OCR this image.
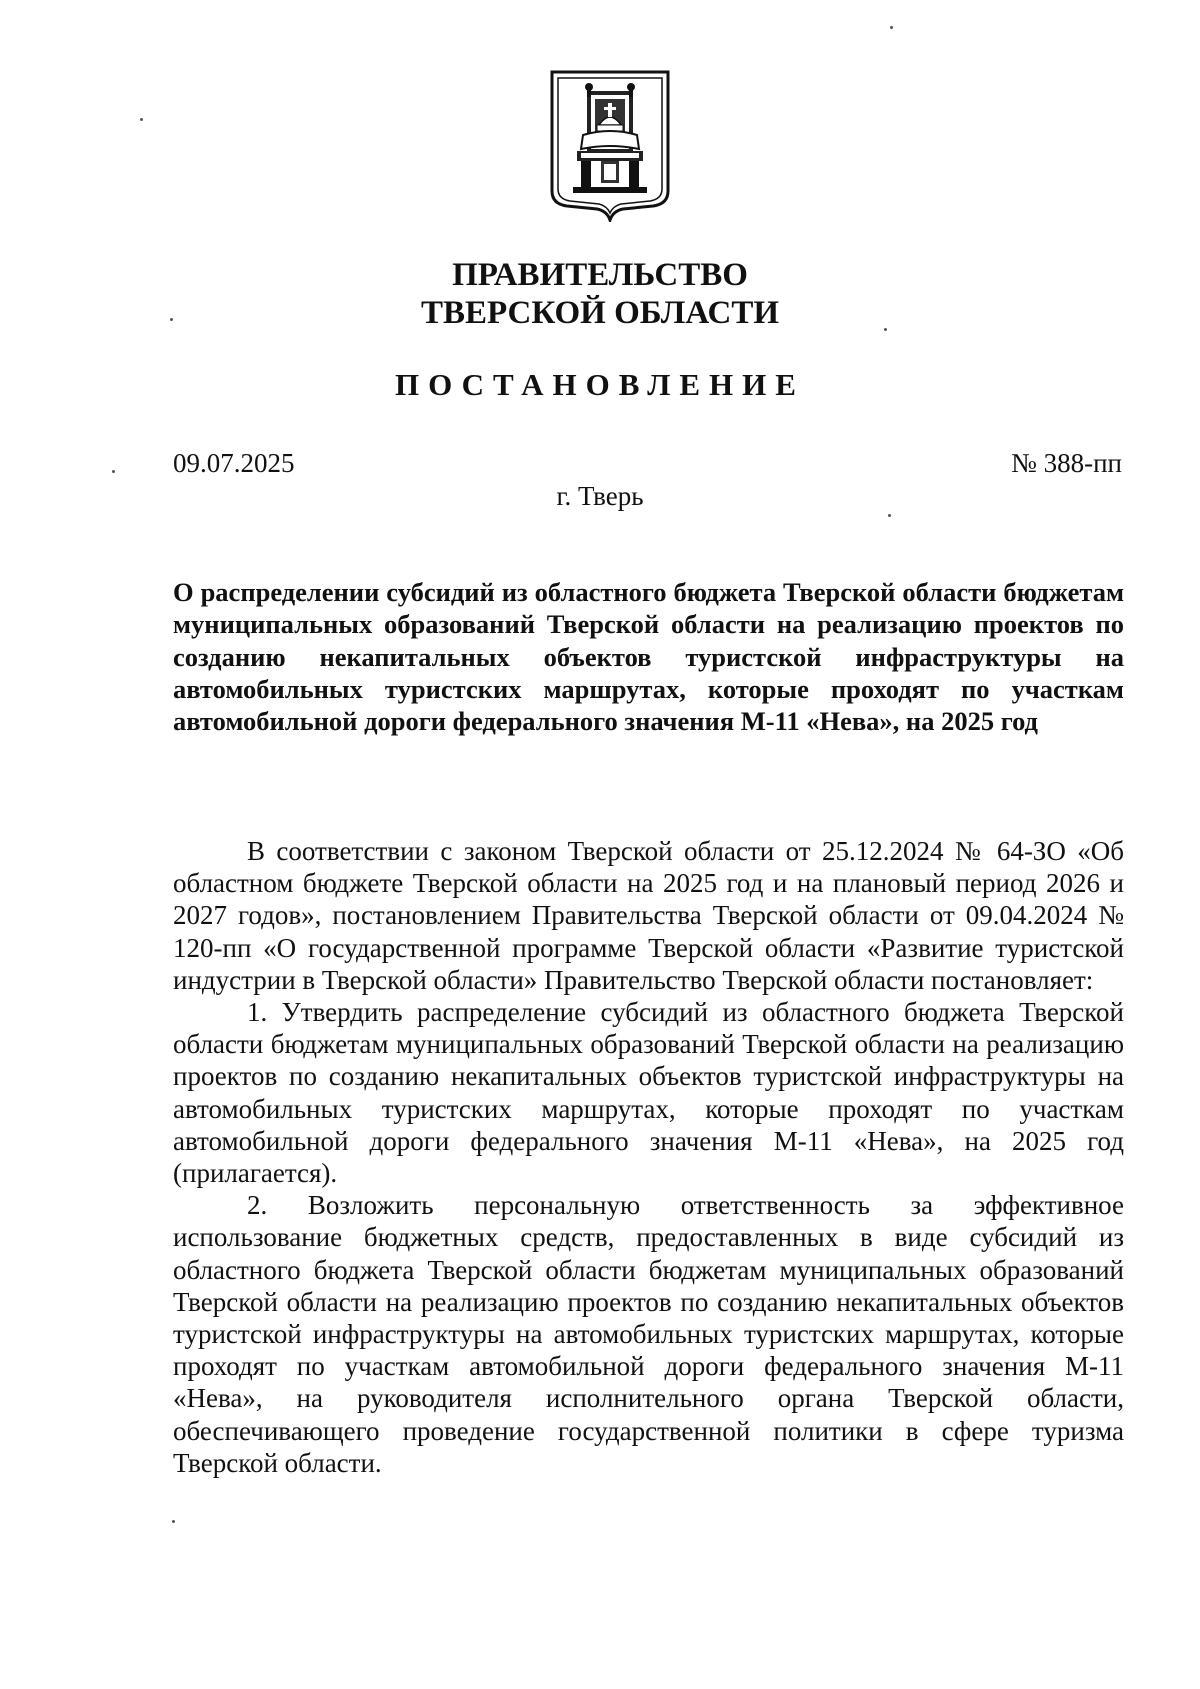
ПРАВИТЕЛЬСТВО
ТВЕРСКОЙ ОБЛАСТИ
ПОСТАНОВЛЕНИЕ
09.07.2025	№ 388-пп
г. Тверь
О распределении субсидий из областного бюджета Тверской области бюджетам муниципальных образований Тверской области на реализацию проектов по созданию некапитальных объектов туристской инфраструктуры на автомобильных туристских маршрутах, которые проходят по участкам автомобильной дороги федерального значения М-11 «Нева», на 2025 год

В соответствии с законом Тверской области от 25.12.2024 № 64-ЗО «Об областном бюджете Тверской области на 2025 год и на плановый период 2026 и 2027 годов», постановлением Правительства Тверской области от 09.04.2024 № 120-пп «О государственной программе Тверской области «Развитие туристской индустрии в Тверской области» Правительство Тверской области постановляет:

1. Утвердить распределение субсидий из областного бюджета Тверской области бюджетам муниципальных образований Тверской области на реализацию проектов по созданию некапитальных объектов туристской инфраструктуры на автомобильных туристских маршрутах, которые проходят по участкам автомобильной дороги федерального значения М-11 «Нева», на 2025 год (прилагается).

2. Возложить персональную ответственность за эффективное использование бюджетных средств, предоставленных в виде субсидий из областного бюджета Тверской области бюджетам муниципальных образований Тверской области на реализацию проектов по созданию некапитальных объектов туристской инфраструктуры на автомобильных туристских маршрутах, которые проходят по участкам автомобильной дороги федерального значения М-11 «Нева», на руководителя исполнительного органа Тверской области, обеспечивающего проведение государственной политики в сфере туризма Тверской области.
